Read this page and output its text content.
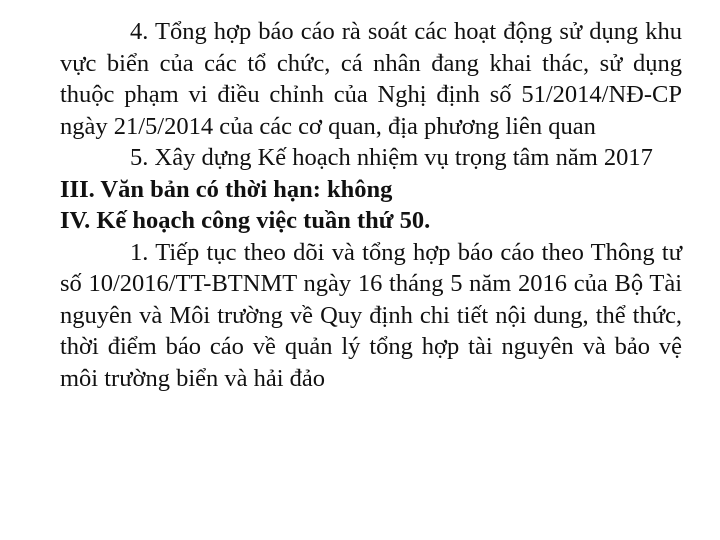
4. Tổng hợp báo cáo rà soát các hoạt động sử dụng khu vực biển của các tổ chức, cá nhân đang khai thác, sử dụng thuộc phạm vi điều chỉnh của Nghị định số 51/2014/NĐ-CP ngày 21/5/2014 của các cơ quan, địa phương liên quan

5. Xây dựng Kế hoạch nhiệm vụ trọng tâm năm 2017

III. Văn bản có thời hạn: không

IV. Kế hoạch công việc tuần thứ 50.

1. Tiếp tục theo dõi và tổng hợp báo cáo theo Thông tư số 10/2016/TT-BTNMT ngày 16 tháng 5 năm 2016 của Bộ Tài nguyên và Môi trường về Quy định chi tiết nội dung, thể thức, thời điểm báo cáo về quản lý tổng hợp tài nguyên và bảo vệ môi trường biển và hải đảo
